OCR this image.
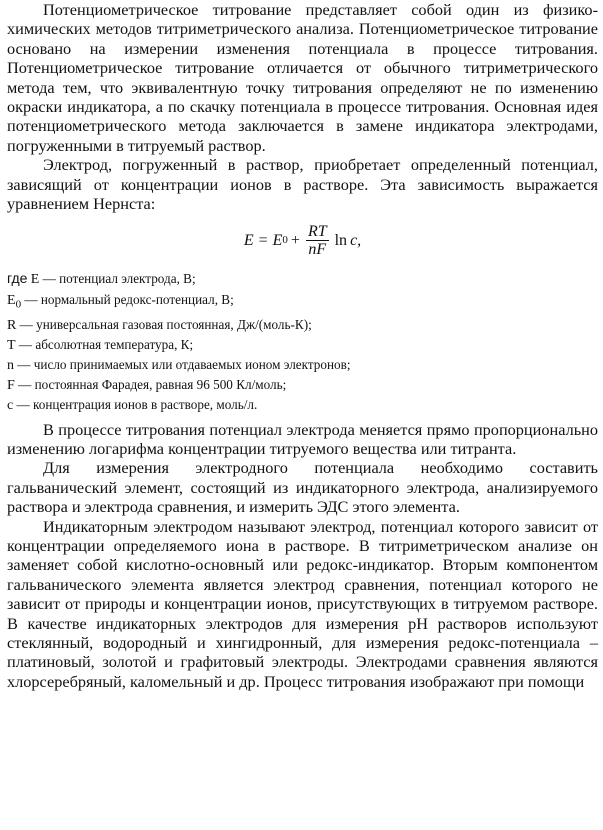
Потенциометрическое титрование представляет собой один из физико-химических методов титриметрического анализа. Потенциометрическое титрование основано на измерении изменения потенциала в процессе титрования. Потенциометрическое титрование отличается от обычного титриметрического метода тем, что эквивалентную точку титрования определяют не по изменению окраски индикатора, а по скачку потенциала в процессе титрования. Основная идея потенциометрического метода заключается в замене индикатора электродами, погруженными в титруемый раствор.

Электрод, погруженный в раствор, приобретает определенный потенциал, зависящий от концентрации ионов в растворе. Эта зависимость выражается уравнением Нернста:

E = E $0 + \frac{RT}{nF}$ ln c,
где E — потенциал электрода, В;
$E_0$ — нормальный редокс-потенциал, В;
R — универсальная газовая постоянная, Дж/(моль-К);
T — абсолютная температура, К;
n — число принимаемых или отдаваемых ионом электронов;
F — постоянная Фарадея, равная 96 500 Кл/моль;
c — концентрация ионов в растворе, моль/л.

В процессе титрования потенциал электрода меняется прямо пропорционально изменению логарифма концентрации титруемого вещества или титранта.

Для измерения электродного потенциала необходимо составить гальванический элемент, состоящий из индикаторного электрода, анализируемого раствора и электрода сравнения, и измерить ЭДС этого элемента.

Индикаторным электродом называют электрод, потенциал которого зависит от концентрации определяемого иона в растворе. В титриметрическом анализе он заменяет собой кислотно-основный или редокс-индикатор. Вторым компонентом гальванического элемента является электрод сравнения, потенциал которого не зависит от природы и концентрации ионов, присутствующих в титруемом растворе. В качестве индикаторных электродов для измерения pH растворов используют стеклянный, водородный и хингидронный, для измерения редокс-потенциала – платиновый, золотой и графитовый электроды. Электродами сравнения являются хлорсеребряный, каломельный и др. Процесс титрования изображают при помощи
